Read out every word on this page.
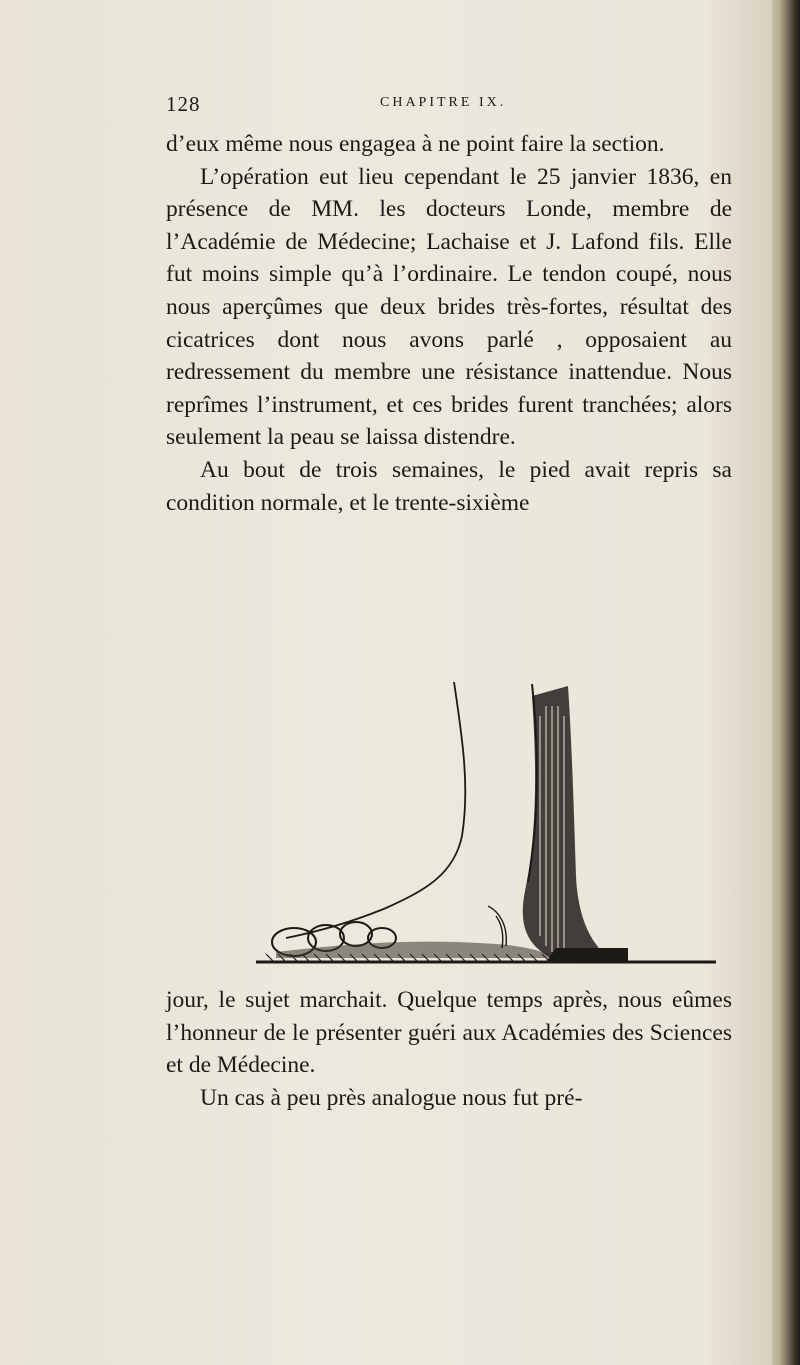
128	CHAPITRE IX.

d’eux même nous engagea à ne point faire la section.

L’opération eut lieu cependant le 25 janvier 1836, en présence de MM. les docteurs Londe, membre de l’Académie de Médecine; Lachaise et J. Lafond fils. Elle fut moins simple qu’à l’ordinaire. Le tendon coupé, nous nous aperçûmes que deux brides très-fortes, résultat des cicatrices dont nous avons parlé , opposaient au redressement du membre une résistance inattendue. Nous reprîmes l’instrument, et ces brides furent tranchées; alors seulement la peau se laissa distendre.

Au bout de trois semaines, le pied avait repris sa condition normale, et le trente-sixième

jour, le sujet marchait. Quelque temps après, nous eûmes l’honneur de le présenter guéri aux Académies des Sciences et de Médecine.

Un cas à peu près analogue nous fut pré-
